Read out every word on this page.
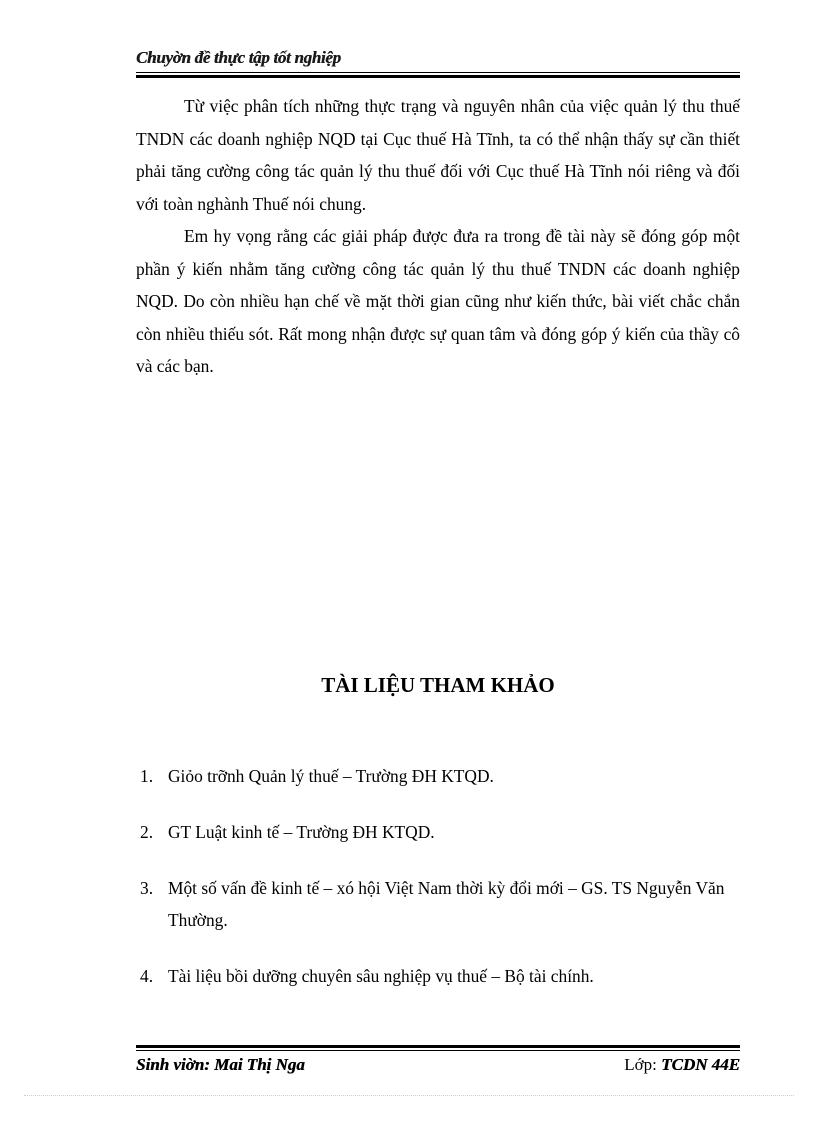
Chuyờn đề thực tập tốt nghiệp

Từ việc phân tích những thực trạng và nguyên nhân của việc quản lý thu thuế TNDN các doanh nghiệp NQD tại Cục thuế Hà Tĩnh, ta có thể nhận thấy sự cần thiết phải tăng cường công tác quản lý thu thuế đối với Cục thuế Hà Tĩnh nói riêng và đối với toàn nghành Thuế nói chung.

Em hy vọng rằng các giải pháp được đưa ra trong đề tài này sẽ đóng góp một phần ý kiến nhằm tăng cường công tác quản lý thu thuế TNDN các doanh nghiệp NQD. Do còn nhiều hạn chế về mặt thời gian cũng như kiến thức, bài viết chắc chắn còn nhiều thiếu sót. Rất mong nhận được sự quan tâm và đóng góp ý kiến của thầy cô và các bạn.

TÀI LIỆU THAM KHẢO
1. Giỏo trỡnh Quản lý thuế – Trường ĐH KTQD.
2. GT Luật kinh tế – Trường ĐH KTQD.
3. Một số vấn đề kinh tế – xó hội Việt Nam thời kỳ đổi mới – GS. TS Nguyễn Văn Thường.
4. Tài liệu bồi dưỡng chuyên sâu nghiệp vụ thuế – Bộ tài chính.
Sinh viờn: Mai Thị Nga	Lớp: TCDN 44E
